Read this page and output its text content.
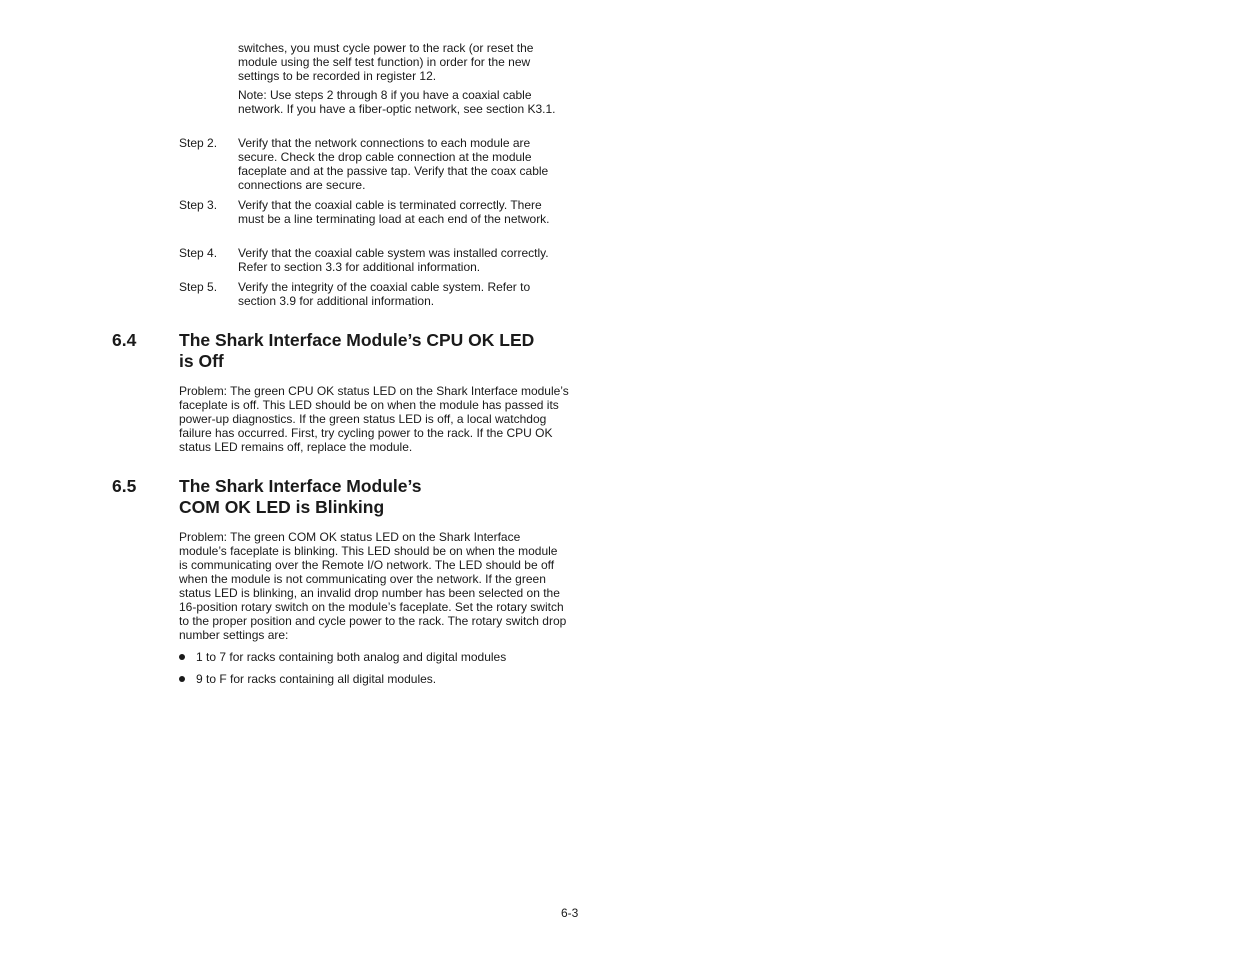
switches, you must cycle power to the rack (or reset the module using the self test function) in order for the new settings to be recorded in register 12.

Note: Use steps 2 through 8 if you have a coaxial cable network. If you have a fiber-optic network, see section K3.1.

Step 2. Verify that the network connections to each module are secure. Check the drop cable connection at the module faceplate and at the passive tap. Verify that the coax cable connections are secure.
Step 3. Verify that the coaxial cable is terminated correctly. There must be a line terminating load at each end of the network.
Step 4. Verify that the coaxial cable system was installed correctly. Refer to section 3.3 for additional information.
Step 5. Verify the integrity of the coaxial cable system. Refer to section 3.9 for additional information.
6.4 The Shark Interface Module’s CPU OK LED
is Off
Problem: The green CPU OK status LED on the Shark Interface module’s faceplate is off. This LED should be on when the module has passed its power-up diagnostics. If the green status LED is off, a local watchdog failure has occurred. First, try cycling power to the rack. If the CPU OK status LED remains off, replace the module.
6.5 The Shark Interface Module’s
COM OK LED is Blinking
Problem: The green COM OK status LED on the Shark Interface module’s faceplate is blinking. This LED should be on when the module is communicating over the Remote I/O network. The LED should be off when the module is not communicating over the network. If the green status LED is blinking, an invalid drop number has been selected on the 16-position rotary switch on the module’s faceplate. Set the rotary switch to the proper position and cycle power to the rack. The rotary switch drop number settings are:
1 to 7 for racks containing both analog and digital modules
9 to F for racks containing all digital modules.
6-3
